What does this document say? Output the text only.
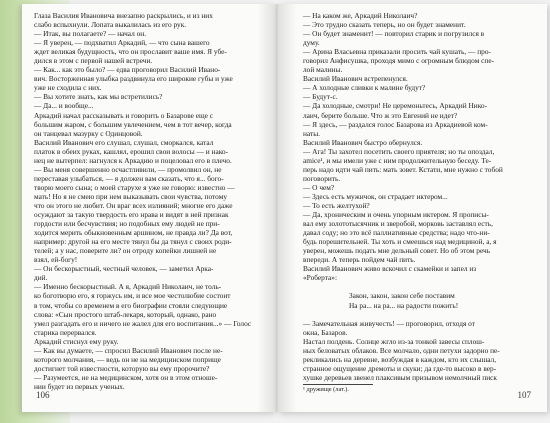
Глаза Василия Ивановича внезапно раскрылись, и из них
слабо вспыхнули. Лопата выкалилась из его рук.
— Итак, вы полагаете? — начал он.
— Я уверен, — подхватил Аркадий, — что сына вашего
ждет великая будущность, что он прославит ваше имя. Я убе-
дился в этом с первой нашей встречи.
— Как... как это было? — едва проговорил Василий Ивано-
вич. Восторженная улыбка раздвинула его широкие губы и уже
уже не сходила с них.
— Вы хотите знать, как мы встретились?
— Да... и вообще...
Аркадий начал рассказывать и говорить о Базарове еще с
большим жаром, с большим увлечением, чем в тот вечер, когда
он танцевал мазурку с Одинцовой.
Василий Иванович его слушал, слушал, сморкался, катал
платок в обеих руках, кашлял, ерошил свои волосы — и нако-
нец не вытерпел: нагнулся к Аркадию и поцеловал его в плечо.
— Вы меня совершенно осчастливили, — промолвил он, не
переставая улыбаться, — я должен вам сказать, что я... бого-
творю моего сына; о моей старухе я уже не говорю: известно —
мать! Но я не смею при нем выказывать свои чувства, потому
что он этого не любит. Он враг всех излияний; многие его даже
осуждают за такую твердость его нрава и видят в ней признак
гордости или бесчувствия; но подобных ему людей не при-
ходится мерить обыкновенным аршином, не правда ли? Да вот,
например: другой на его месте тянул бы да тянул с своих роди-
телей; а у нас, поверите ли? он отроду копейки лишней не
взял, ей-богу!
— Он бескорыстный, честный человек, — заметил Арка-
дий.
— Именно бескорыстный. А я, Аркадий Николаич, не толь-
ко боготворю его, я горжусь им, и все мое честолюбие состоит
в том, чтобы со временем в его биографии стояли следующие
слова: «Сын простого штаб-лекаря, который, однако, рано
умел разгадать его и ничего не жалел для его воспитания...» — Голос
старика перервался.
Аркадий стиснул ему руку.
— Как вы думаете, — спросил Василий Иванович после не-
которого молчания, — ведь он не на медицинском поприще
достигнет той известности, которую вы ему пророчите?
— Разумеется, не на медицинском, хотя он в этом отноше-
нии будет из первых ученых.
106
— На каком же, Аркадий Николаич?
— Это трудно сказать теперь, но он будет знаменит.
— Он будет знаменит! — повторил старик и погрузился в
думу.
— Арина Власьевна приказали просить чай кушать, — про-
говорил Анфисушка, проходя мимо с огромным блюдом спе-
лой малины.
Василий Иванович встрепенулся.
— А холодные сливки к малине будут?
— Будут-с.
— Да холодные, смотри! Не церемоньтесь, Аркадий Нико-
лаич, берите больше. Что ж это Евгений не идет?
— Я здесь, — раздался голос Базарова из Аркадиевой ком-
наты.
Василий Иванович быстро обернулся.
— Ага! Ты захотел посетить своего приятеля; но ты опоздал,
amice¹, и мы имели уже с ним продолжительную беседу. Те-
перь надо идти чай пить: мать зовет. Кстати, мне нужно с тобой
поговорить.
— О чем?
— Здесь есть мужичок, он страдает иктером...
— То есть желтухой?
— Да, хроническим и очень упорным иктером. Я прописы-
вал ему золототысячник и зверобой, морковь заставлял есть,
давал соду; но это всё паллиативные средства; надо что-ни-
будь порешительней. Ты хоть и смеешься над медициной, а, я
уверен, можешь подать мне дельный совет. Но об этом речь
впереди. А теперь пойдем чай пить.
Василий Иванович живо вскочил с скамейки и запел из
«Роберта»:
Закон, закон, закон себе поставим
На ра... на ра... на радости пожить!
— Замечательная живучесть! — проговорил, отходя от
окна, Базаров.
Настал полдень. Солнце жгло из-за тонкой завесы сплош-
ных беловатых облаков. Все молчало, одни петухи задорно пе-
рекликались на деревне, возбуждая в каждом, кто их слышал,
странное ощущение дремоты и скуки; да где-то высоко в вер-
хушке деревьев звенел плаксивым призывом немолчный писк
¹ дружище (лат.).
107
